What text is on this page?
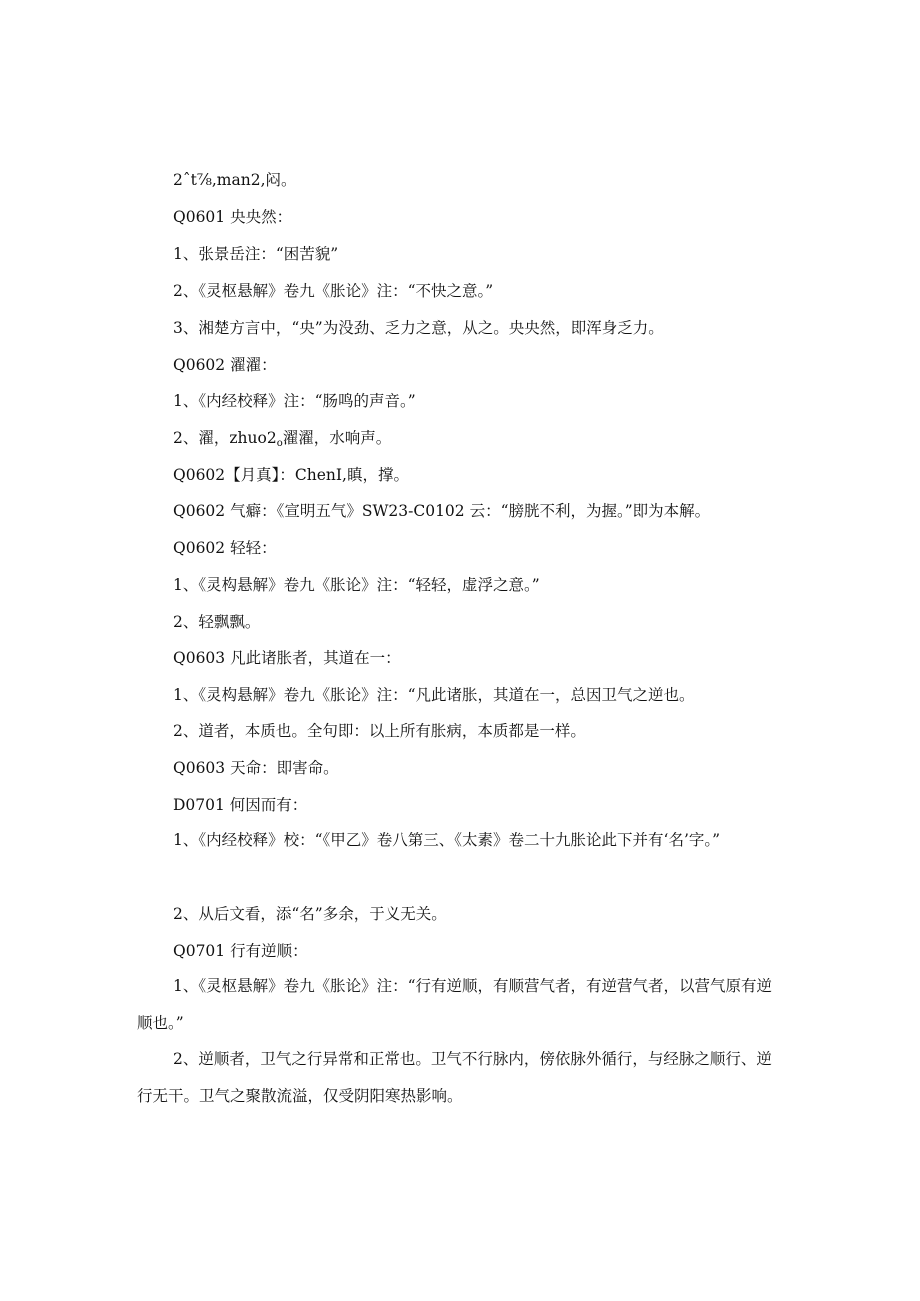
2ˆt⅞,man2,闷。
Q0601 央央然：
1、张景岳注：“困苦貌”
2、《灵枢悬解》卷九《胀论》注：“不快之意。”
3、湘楚方言中，“央”为没劲、乏力之意，从之。央央然，即浑身乏力。
Q0602 濯濯：
1、《内经校释》注：“肠鸣的声音。”
2、濯，$zhuo2_o$濯濯，水响声。
Q0602【月真】：ChenI,瞋，撑。
Q0602 气癖：《宣明五气》SW23-C0102 云：“膀胱不利，为握。”即为本解。
Q0602 轻轻：
1、《灵构悬解》卷九《胀论》注：“轻轻，虚浮之意。”
2、轻飘飘。
Q0603 凡此诸胀者，其道在一：
1、《灵构悬解》卷九《胀论》注：“凡此诸胀，其道在一，总因卫气之逆也。
2、道者，本质也。全句即：以上所有胀病，本质都是一样。
Q0603 天命：即害命。
D0701 何因而有：
1、《内经校释》校：“《甲乙》卷八第三、《太素》卷二十九胀论此下并有‘名’字。”
2、从后文看，添“名”多余，于义无关。
Q0701 行有逆顺：
1、《灵枢悬解》卷九《胀论》注：“行有逆顺，有顺营气者，有逆营气者，以营气原有逆顺也。”
2、逆顺者，卫气之行异常和正常也。卫气不行脉内，傍依脉外循行，与经脉之顺行、逆行无干。卫气之聚散流溢，仅受阴阳寒热影响。
